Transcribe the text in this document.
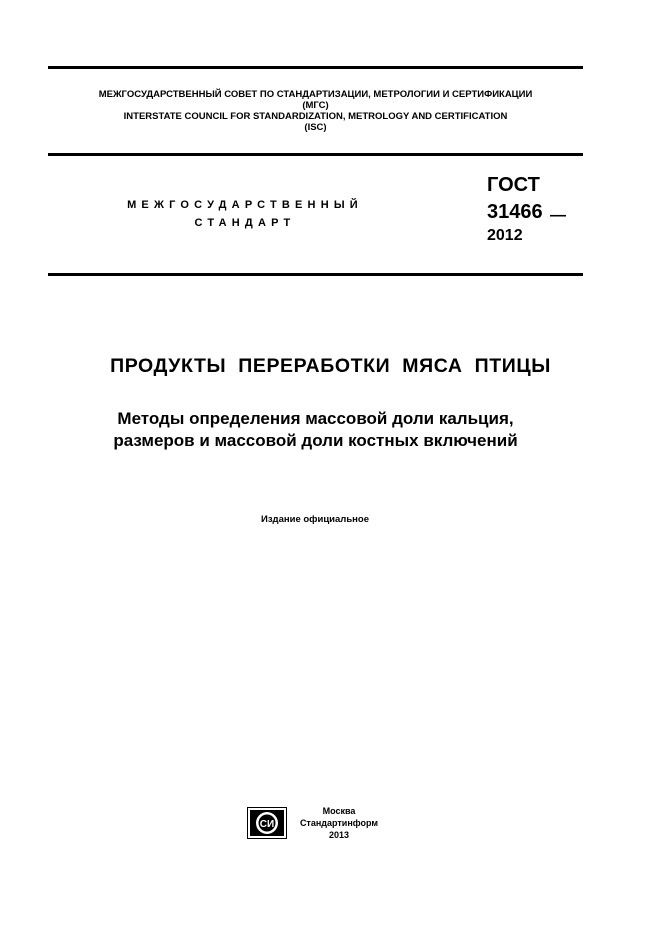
МЕЖГОСУДАРСТВЕННЫЙ СОВЕТ ПО СТАНДАРТИЗАЦИИ, МЕТРОЛОГИИ И СЕРТИФИКАЦИИ
(МГС)
INTERSTATE COUNCIL FOR STANDARDIZATION, METROLOGY AND CERTIFICATION
(ISC)
МЕЖГОСУДАРСТВЕННЫЙ
СТАНДАРТ
ГОСТ
31466 —
2012
ПРОДУКТЫ ПЕРЕРАБОТКИ МЯСА ПТИЦЫ
Методы определения массовой доли кальция,
размеров и массовой доли костных включений
Издание официальное
СИ
Москва
Стандартинформ
2013
